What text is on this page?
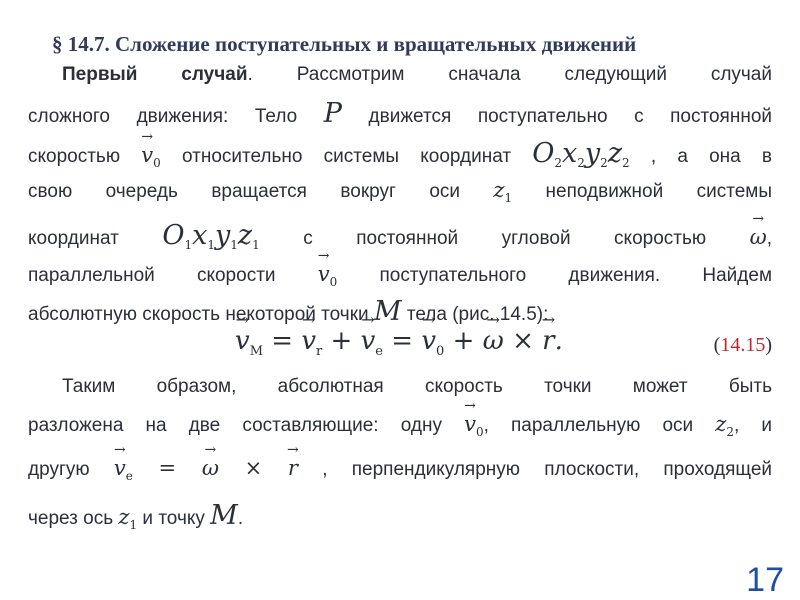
§ 14.7. Сложение поступательных и вращательных движений
Первый случай. Рассмотрим сначала следующий случай
сложного движения: Тело P движется поступательно с постоянной
скоростью → $v_0$ относительно системы координат $O_2x_2y_2z_2$ , а она в
свою очередь вращается вокруг оси $z_1$ неподвижной системы
координат $O_1x_1y_1z_1$ с постоянной угловой скоростью → ω,
параллельной скорости → $v_0$ поступательного движения. Найдем
абсолютную скорость некоторой точки M тела (рис. 14.5):
→ $v_M$ = → $v_r$ + → $v_e$ = → $v_0$ + → ω × → r.	(14.15)
Таким образом, абсолютная скорость точки может быть
разложена на две составляющие: одну → $v_0$, параллельную оси $z_2$, и
другую → $v_e$ = → ω × → r , перпендикулярную плоскости, проходящей
через ось $z_1$ и точку M.
17
